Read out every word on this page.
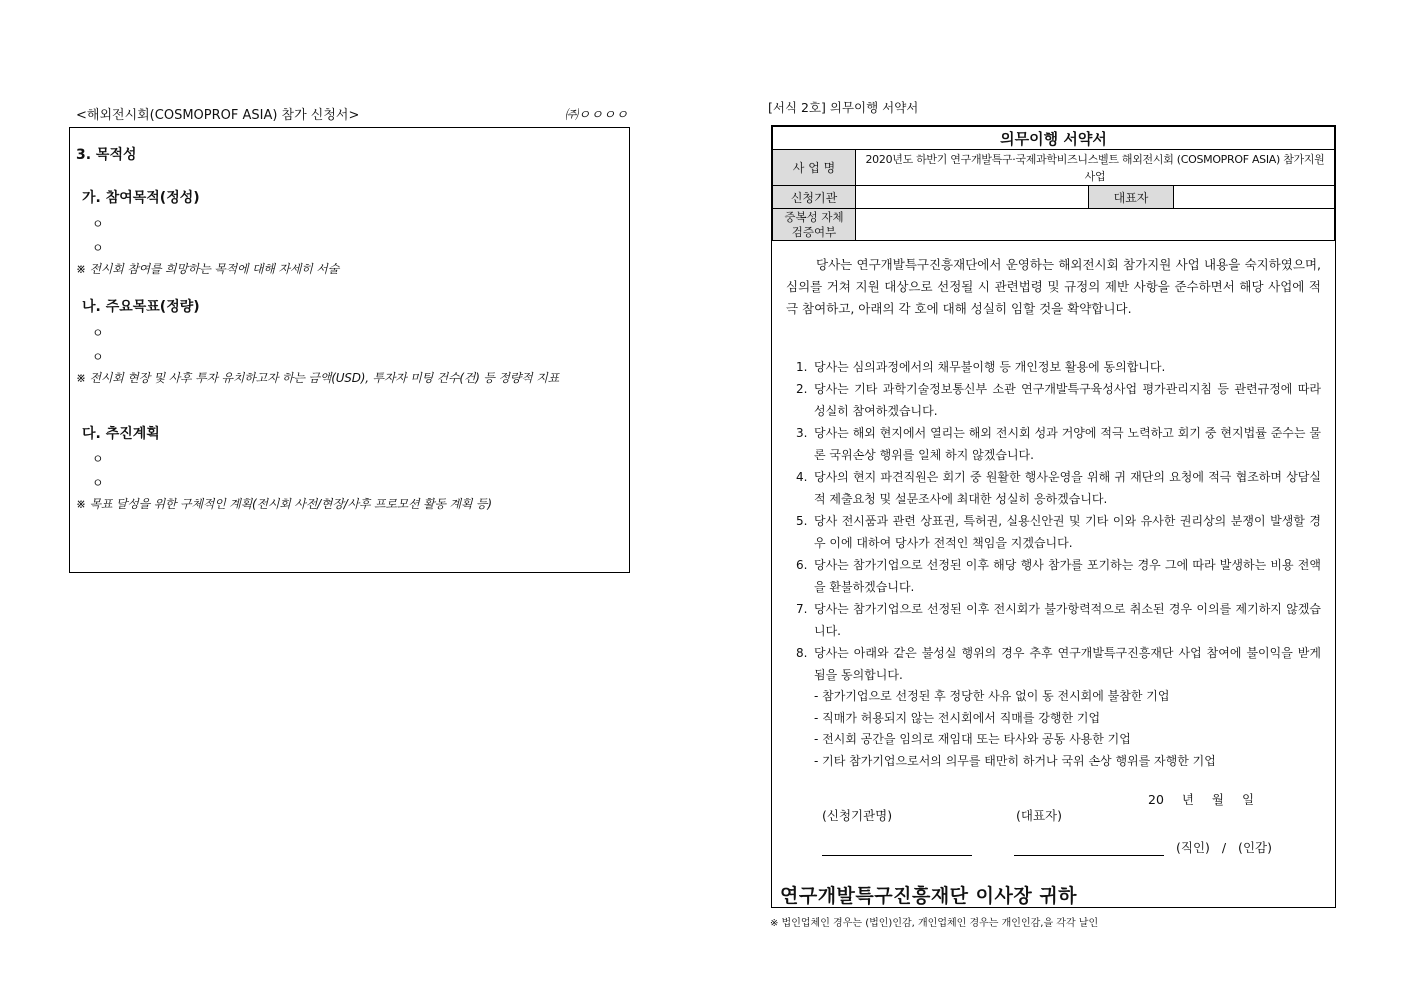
<해외전시회(COSMOPROF ASIA) 참가 신청서>	㈜ㅇㅇㅇㅇ
3. 목적성
가. 참여목적(정성)
ㅇ
ㅇ
※ 전시회 참여를 희망하는 목적에 대해 자세히 서술
나. 주요목표(정량)
ㅇ
ㅇ
※ 전시회 현장 및 사후 투자 유치하고자 하는 금액(USD), 투자자 미팅 건수(건) 등 정량적 지표
다. 추진계획
ㅇ
ㅇ
※ 목표 달성을 위한 구체적인 계획(전시회 사전/현장/사후 프로모션 활동 계획 등)
[서식 2호] 의무이행 서약서
의무이행 서약서			
사 업 명	2020년도 하반기 연구개발특구·국제과학비즈니스벨트 해외전시회 (COSMOPROF ASIA) 참가지원 사업		
신청기관		대표자	

중복성 자체
검증여부			

당사는 연구개발특구진흥재단에서 운영하는 해외전시회 참가지원 사업 내용을 숙지하였으며, 심의를 거쳐 지원 대상으로 선정될 시 관련법령 및 규정의 제반 사항을 준수하면서 해당 사업에 적극 참여하고, 아래의 각 호에 대해 성실히 임할 것을 확약합니다.
1. 당사는 심의과정에서의 채무불이행 등 개인정보 활용에 동의합니다.
2. 당사는 기타 과학기술정보통신부 소관 연구개발특구육성사업 평가관리지침 등 관련규정에 따라 성실히 참여하겠습니다.
3. 당사는 해외 현지에서 열리는 해외 전시회 성과 거양에 적극 노력하고 회기 중 현지법률 준수는 물론 국위손상 행위를 일체 하지 않겠습니다.
4. 당사의 현지 파견직원은 회기 중 원활한 행사운영을 위해 귀 재단의 요청에 적극 협조하며 상담실적 제출요청 및 설문조사에 최대한 성실히 응하겠습니다.
5. 당사 전시품과 관련 상표권, 특허권, 실용신안권 및 기타 이와 유사한 권리상의 분쟁이 발생할 경우 이에 대하여 당사가 전적인 책임을 지겠습니다.
6. 당사는 참가기업으로 선정된 이후 해당 행사 참가를 포기하는 경우 그에 따라 발생하는 비용 전액을 환불하겠습니다.
7. 당사는 참가기업으로 선정된 이후 전시회가 불가항력적으로 취소된 경우 이의를 제기하지 않겠습니다.
8. 당사는 아래와 같은 불성실 행위의 경우 추후 연구개발특구진흥재단 사업 참여에 불이익을 받게 됨을 동의합니다.
- 참가기업으로 선정된 후 정당한 사유 없이 동 전시회에 불참한 기업
- 직매가 허용되지 않는 전시회에서 직매를 강행한 기업
- 전시회 공간을 임의로 재임대 또는 타사와 공동 사용한 기업
- 기타 참가기업으로서의 의무를 태만히 하거나 국위 손상 행위를 자행한 기업
20 년 월 일
(신청기관명)	(대표자)
(직인) / (인감)
연구개발특구진흥재단 이사장 귀하
※ 법인업체인 경우는 (법인)인감, 개인업체인 경우는 개인인감,을 각각 날인
